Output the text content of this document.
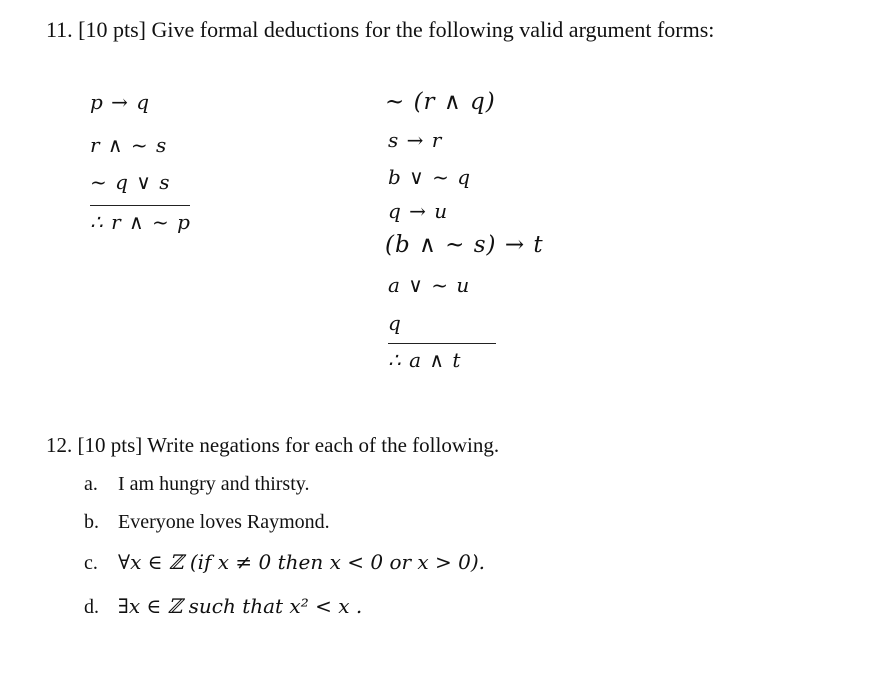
11. [10 pts] Give formal deductions for the following valid argument forms:
p → q
r ∧ ~ s
~ q ∨ s
∴ r ∧ ~ p
~ (r ∧ q)
s → r
b ∨ ~ q
q → u
(b ∧ ~ s) → t
a ∨ ~ u
q
∴ a ∧ t
12. [10 pts] Write negations for each of the following.
a. I am hungry and thirsty.
b. Everyone loves Raymond.
c. ∀x ∈ ℤ (if x ≠ 0 then x < 0 or x > 0).
d. ∃x ∈ ℤ such that x² < x .
